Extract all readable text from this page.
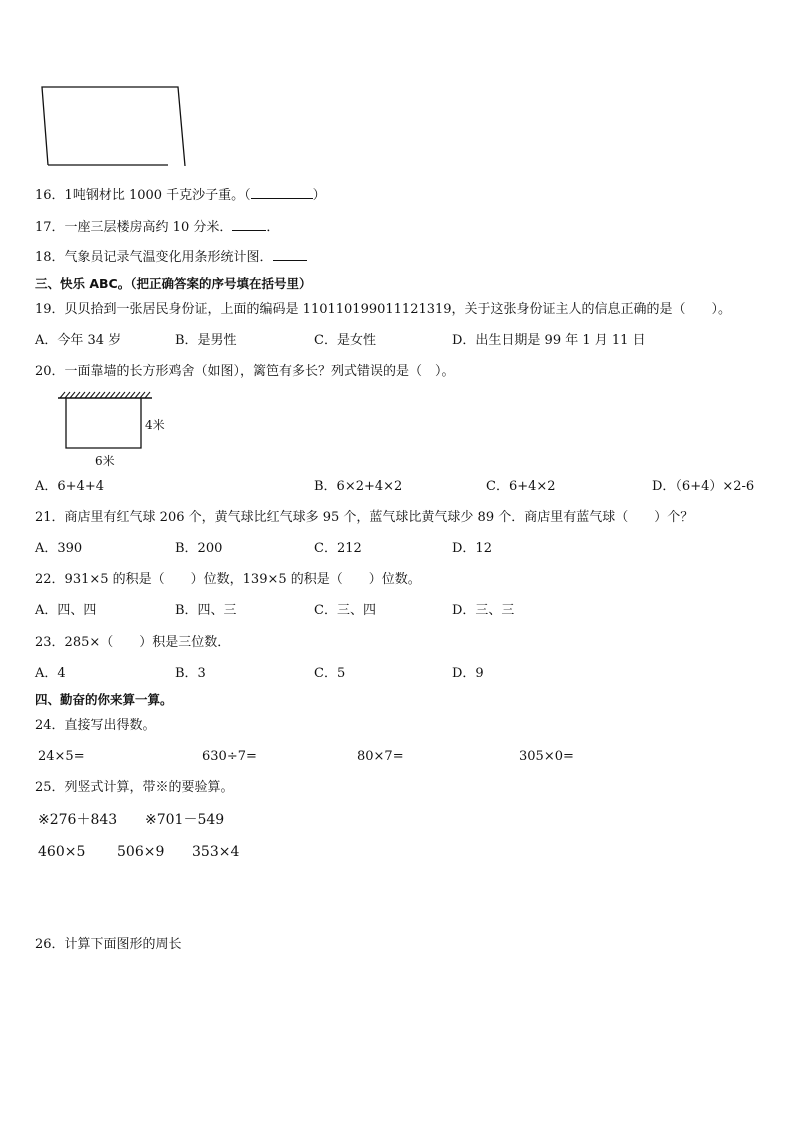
16．1吨钢材比 1000 千克沙子重。（	）
17．一座三层楼房高约 10 分米．	．
18．气象员记录气温变化用条形统计图．
三、快乐 ABC。（把正确答案的序号填在括号里）
19．贝贝拾到一张居民身份证，上面的编码是 110110199011121319，关于这张身份证主人的信息正确的是（　　）。
A．今年 34 岁	B．是男性	C．是女性	D．出生日期是 99 年 1 月 11 日
20．一面靠墙的长方形鸡舍（如图），篱笆有多长？列式错误的是（　）。
4米
6米
A．6+4+4	B．6×2+4×2	C．6+4×2	D．（6+4）×2-6
21．商店里有红气球 206 个，黄气球比红气球多 95 个，蓝气球比黄气球少 89 个．商店里有蓝气球（　　）个？
A．390	B．200	C．212	D．12
22．931×5 的积是（　　）位数，139×5 的积是（　　）位数。
A．四、四	B．四、三	C．三、四	D．三、三
23．285×（　　）积是三位数．
A．4	B．3	C．5	D．9
四、勤奋的你来算一算。
24．直接写出得数。
24×5=	630÷7=	80×7=	305×0=
25．列竖式计算，带※的要验算。
※276＋843 ※701－549
460×5 506×9 353×4
26．计算下面图形的周长
